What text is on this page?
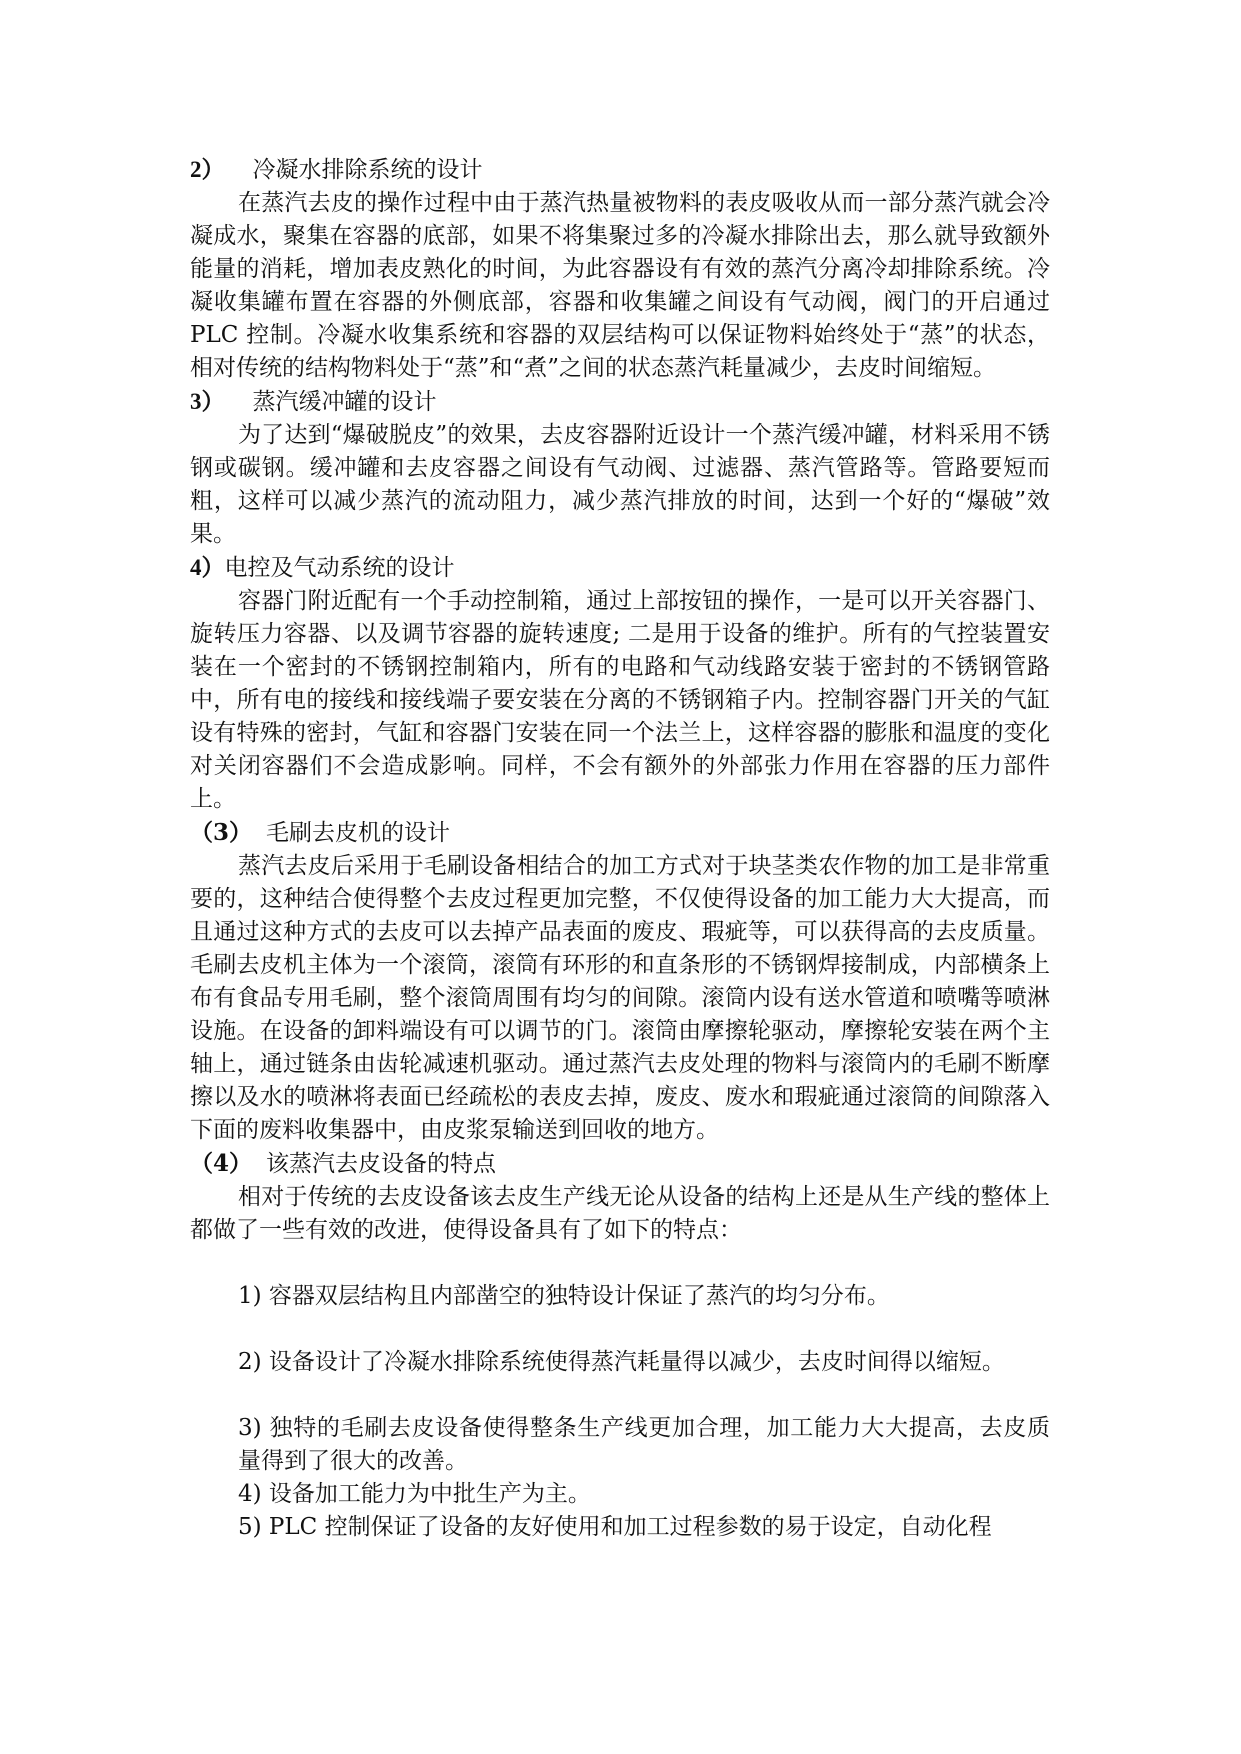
2） 冷凝水排除系统的设计

在蒸汽去皮的操作过程中由于蒸汽热量被物料的表皮吸收从而一部分蒸汽就会冷凝成水，聚集在容器的底部，如果不将集聚过多的冷凝水排除出去，那么就导致额外能量的消耗，增加表皮熟化的时间，为此容器设有有效的蒸汽分离冷却排除系统。冷凝收集罐布置在容器的外侧底部，容器和收集罐之间设有气动阀，阀门的开启通过PLC 控制。冷凝水收集系统和容器的双层结构可以保证物料始终处于“蒸”的状态，相对传统的结构物料处于“蒸”和“煮”之间的状态蒸汽耗量减少，去皮时间缩短。

3） 蒸汽缓冲罐的设计

为了达到“爆破脱皮”的效果，去皮容器附近设计一个蒸汽缓冲罐，材料采用不锈钢或碳钢。缓冲罐和去皮容器之间设有气动阀、过滤器、蒸汽管路等。管路要短而粗，这样可以减少蒸汽的流动阻力，减少蒸汽排放的时间，达到一个好的“爆破”效果。

4）电控及气动系统的设计

容器门附近配有一个手动控制箱，通过上部按钮的操作，一是可以开关容器门、旋转压力容器、以及调节容器的旋转速度; 二是用于设备的维护。所有的气控装置安装在一个密封的不锈钢控制箱内，所有的电路和气动线路安装于密封的不锈钢管路中，所有电的接线和接线端子要安装在分离的不锈钢箱子内。控制容器门开关的气缸设有特殊的密封，气缸和容器门安装在同一个法兰上，这样容器的膨胀和温度的变化对关闭容器们不会造成影响。同样，不会有额外的外部张力作用在容器的压力部件上。

（3） 毛刷去皮机的设计

蒸汽去皮后采用于毛刷设备相结合的加工方式对于块茎类农作物的加工是非常重要的，这种结合使得整个去皮过程更加完整，不仅使得设备的加工能力大大提高，而且通过这种方式的去皮可以去掉产品表面的废皮、瑕疵等，可以获得高的去皮质量。毛刷去皮机主体为一个滚筒，滚筒有环形的和直条形的不锈钢焊接制成，内部横条上布有食品专用毛刷，整个滚筒周围有均匀的间隙。滚筒内设有送水管道和喷嘴等喷淋设施。在设备的卸料端设有可以调节的门。滚筒由摩擦轮驱动，摩擦轮安装在两个主轴上，通过链条由齿轮减速机驱动。通过蒸汽去皮处理的物料与滚筒内的毛刷不断摩擦以及水的喷淋将表面已经疏松的表皮去掉，废皮、废水和瑕疵通过滚筒的间隙落入下面的废料收集器中，由皮浆泵输送到回收的地方。

（4） 该蒸汽去皮设备的特点

相对于传统的去皮设备该去皮生产线无论从设备的结构上还是从生产线的整体上都做了一些有效的改进，使得设备具有了如下的特点：

1) 容器双层结构且内部凿空的独特设计保证了蒸汽的均匀分布。

2) 设备设计了冷凝水排除系统使得蒸汽耗量得以减少，去皮时间得以缩短。

3) 独特的毛刷去皮设备使得整条生产线更加合理，加工能力大大提高，去皮质量得到了很大的改善。

4) 设备加工能力为中批生产为主。

5) PLC 控制保证了设备的友好使用和加工过程参数的易于设定，自动化程
